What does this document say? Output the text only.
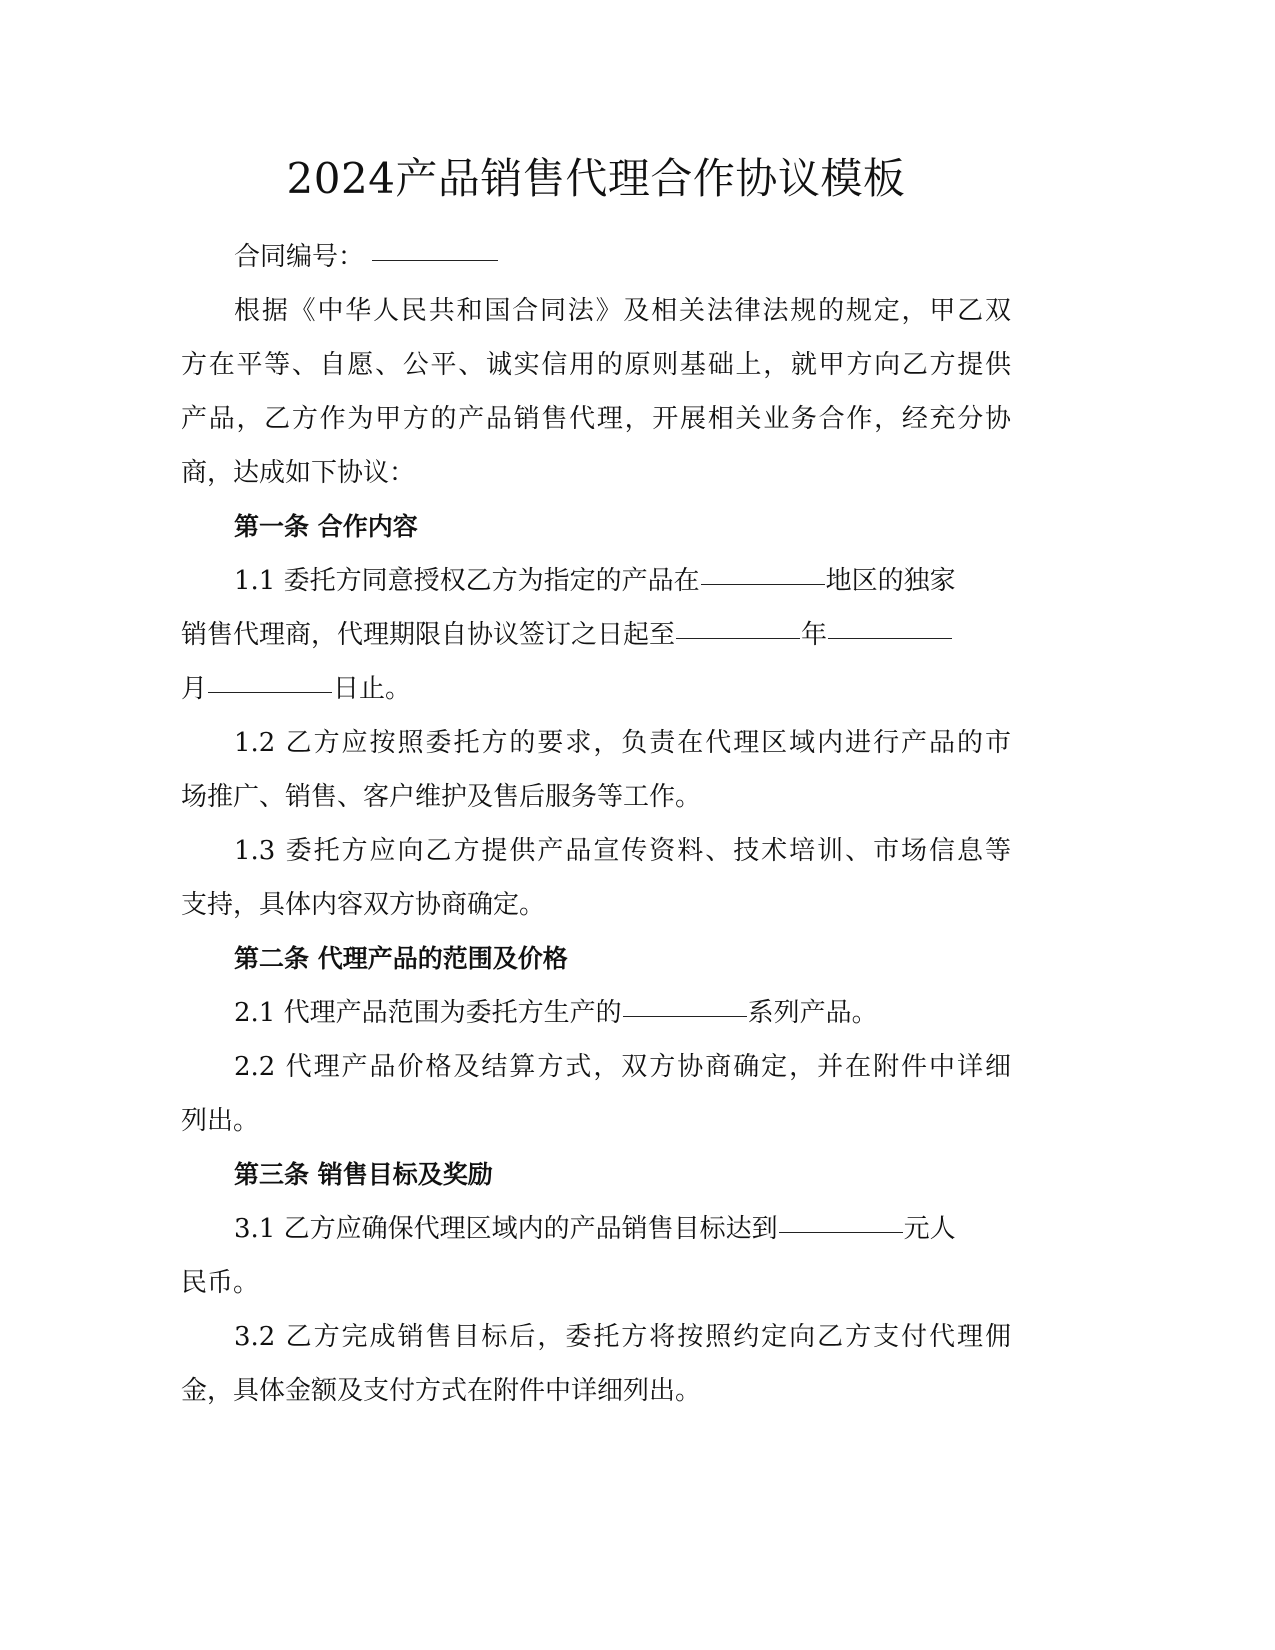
2024产品销售代理合作协议模板
合同编号：
根据《中华人民共和国合同法》及相关法律法规的规定，甲乙双
方在平等、自愿、公平、诚实信用的原则基础上，就甲方向乙方提供
产品，乙方作为甲方的产品销售代理，开展相关业务合作，经充分协
商，达成如下协议：
第一条 合作内容
1.1 委托方同意授权乙方为指定的产品在	地区的独家
销售代理商，代理期限自协议签订之日起至	年
月	日止。
1.2 乙方应按照委托方的要求，负责在代理区域内进行产品的市
场推广、销售、客户维护及售后服务等工作。
1.3 委托方应向乙方提供产品宣传资料、技术培训、市场信息等
支持，具体内容双方协商确定。
第二条 代理产品的范围及价格
2.1 代理产品范围为委托方生产的	系列产品。
2.2 代理产品价格及结算方式，双方协商确定，并在附件中详细
列出。
第三条 销售目标及奖励
3.1 乙方应确保代理区域内的产品销售目标达到	元人
民币。
3.2 乙方完成销售目标后，委托方将按照约定向乙方支付代理佣
金，具体金额及支付方式在附件中详细列出。
